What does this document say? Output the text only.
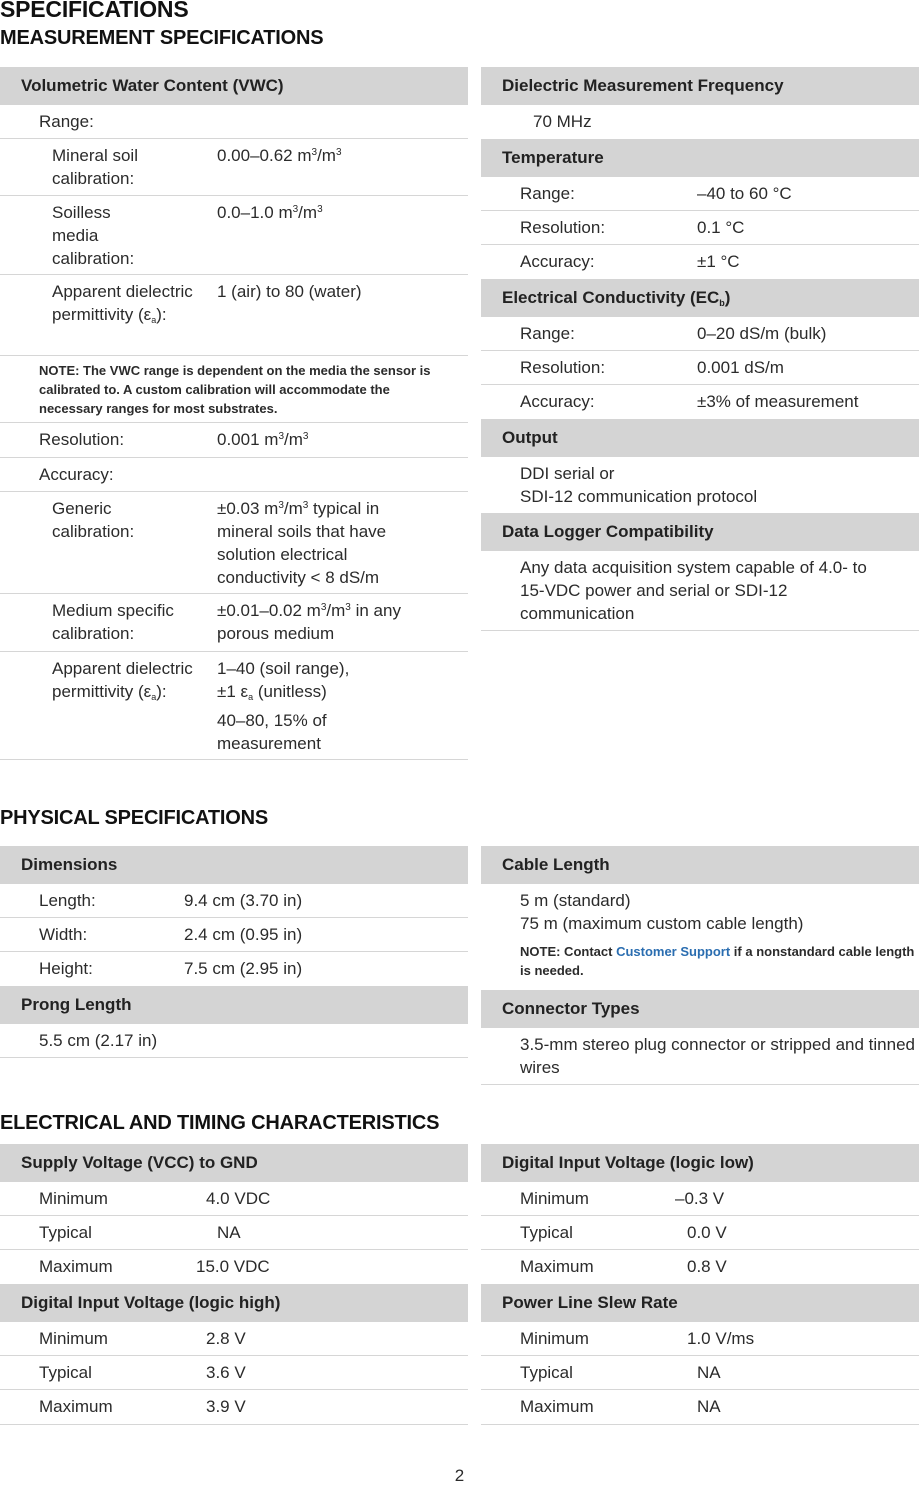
SPECIFICATIONS
MEASUREMENT SPECIFICATIONS
Volumetric Water Content (VWC)
Range:
Mineral soil calibration:
0.00–0.62 $m^3/m^3$
Soilless media calibration:
0.0–1.0 $m^3/m^3$
Apparent dielectric permittivity $(\varepsilon_a)$:
1 (air) to 80 (water)
NOTE: The VWC range is dependent on the media the sensor is calibrated to. A custom calibration will accommodate the necessary ranges for most substrates.
Resolution:	0.001 $m^3/m^3$
Accuracy:
Generic calibration:
±0.03 $m^3/m^3$ typical in mineral soils that have solution electrical conductivity < 8 dS/m
Medium specific calibration:
±0.01–0.02 $m^3/m^3$ in any porous medium
Apparent dielectric permittivity $(\varepsilon_a)$:
1–40 (soil range),
±1 $\varepsilon_a$ (unitless)
40–80, 15% of measurement
Dielectric Measurement Frequency
70 MHz
Temperature
Range:	–40 to 60 °C
Resolution:	0.1 °C
Accuracy:	±1 °C
Electrical Conductivity $(EC_b)$
Range:	0–20 dS/m (bulk)
Resolution:	0.001 dS/m
Accuracy:	±3% of measurement
Output
DDI serial or
SDI-12 communication protocol
Data Logger Compatibility
Any data acquisition system capable of 4.0- to 15-VDC power and serial or SDI-12 communication
PHYSICAL SPECIFICATIONS
Dimensions
Length:	9.4 cm (3.70 in)
Width:	2.4 cm (0.95 in)
Height:	7.5 cm (2.95 in)
Prong Length
5.5 cm (2.17 in)
Cable Length
5 m (standard)
75 m (maximum custom cable length)
NOTE: Contact Customer Support if a nonstandard cable length is needed.
Connector Types
3.5-mm stereo plug connector or stripped and tinned wires
ELECTRICAL AND TIMING CHARACTERISTICS
Supply Voltage (VCC) to GND
Minimum	4.0 VDC
Typical	NA
Maximum	15.0 VDC
Digital Input Voltage (logic high)
Minimum	2.8 V
Typical	3.6 V
Maximum	3.9 V
Digital Input Voltage (logic low)
Minimum	–0.3 V
Typical	0.0 V
Maximum	0.8 V
Power Line Slew Rate
Minimum	1.0 V/ms
Typical	NA
Maximum	NA
2
